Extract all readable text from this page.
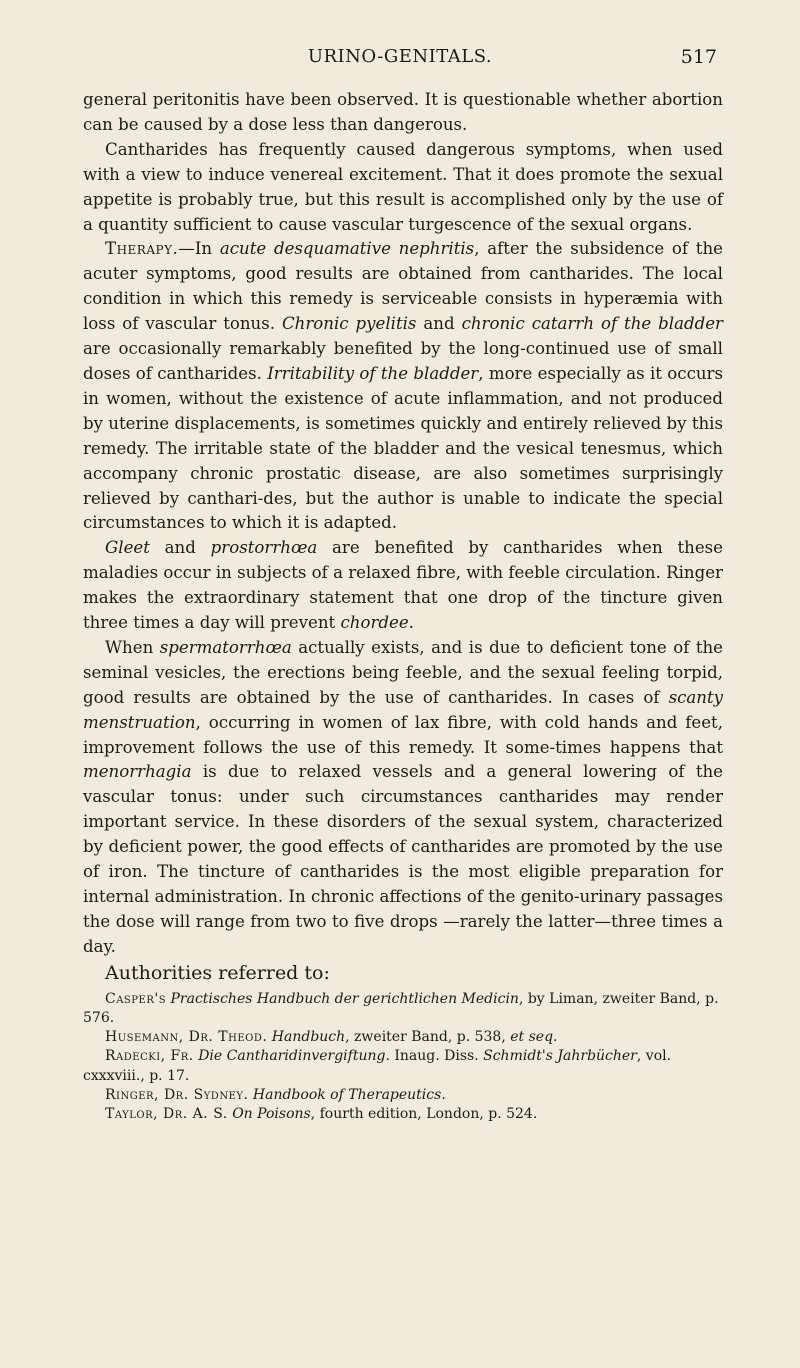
URINO-GENITALS.	517

general peritonitis have been observed. It is questionable whether abortion can be caused by a dose less than dangerous.

Cantharides has frequently caused dangerous symptoms, when used with a view to induce venereal excitement. That it does promote the sexual appetite is probably true, but this result is accomplished only by the use of a quantity sufficient to cause vascular turgescence of the sexual organs.

Therapy.—In acute desquamative nephritis, after the subsidence of the acuter symptoms, good results are obtained from cantharides. The local condition in which this remedy is serviceable consists in hyperæmia with loss of vascular tonus. Chronic pyelitis and chronic catarrh of the bladder are occasionally remarkably benefited by the long-continued use of small doses of cantharides. Irritability of the bladder, more especially as it occurs in women, without the existence of acute inflammation, and not produced by uterine displacements, is sometimes quickly and entirely relieved by this remedy. The irritable state of the bladder and the vesical tenesmus, which accompany chronic prostatic disease, are also sometimes surprisingly relieved by canthari-des, but the author is unable to indicate the special circumstances to which it is adapted.

Gleet and prostorrhœa are benefited by cantharides when these maladies occur in subjects of a relaxed fibre, with feeble circulation. Ringer makes the extraordinary statement that one drop of the tincture given three times a day will prevent chordee.

When spermatorrhœa actually exists, and is due to deficient tone of the seminal vesicles, the erections being feeble, and the sexual feeling torpid, good results are obtained by the use of cantharides. In cases of scanty menstruation, occurring in women of lax fibre, with cold hands and feet, improvement follows the use of this remedy. It some-times happens that menorrhagia is due to relaxed vessels and a general lowering of the vascular tonus: under such circumstances cantharides may render important service. In these disorders of the sexual system, characterized by deficient power, the good effects of cantharides are promoted by the use of iron. The tincture of cantharides is the most eligible preparation for internal administration. In chronic affections of the genito-urinary passages the dose will range from two to five drops —rarely the latter—three times a day.

Authorities referred to:

Casper's Practisches Handbuch der gerichtlichen Medicin, by Liman, zweiter Band, p. 576.

Husemann, Dr. Theod. Handbuch, zweiter Band, p. 538, et seq.

Radecki, Fr. Die Cantharidinvergiftung. Inaug. Diss. Schmidt's Jahrbücher, vol. cxxxviii., p. 17.

Ringer, Dr. Sydney. Handbook of Therapeutics.

Taylor, Dr. A. S. On Poisons, fourth edition, London, p. 524.
